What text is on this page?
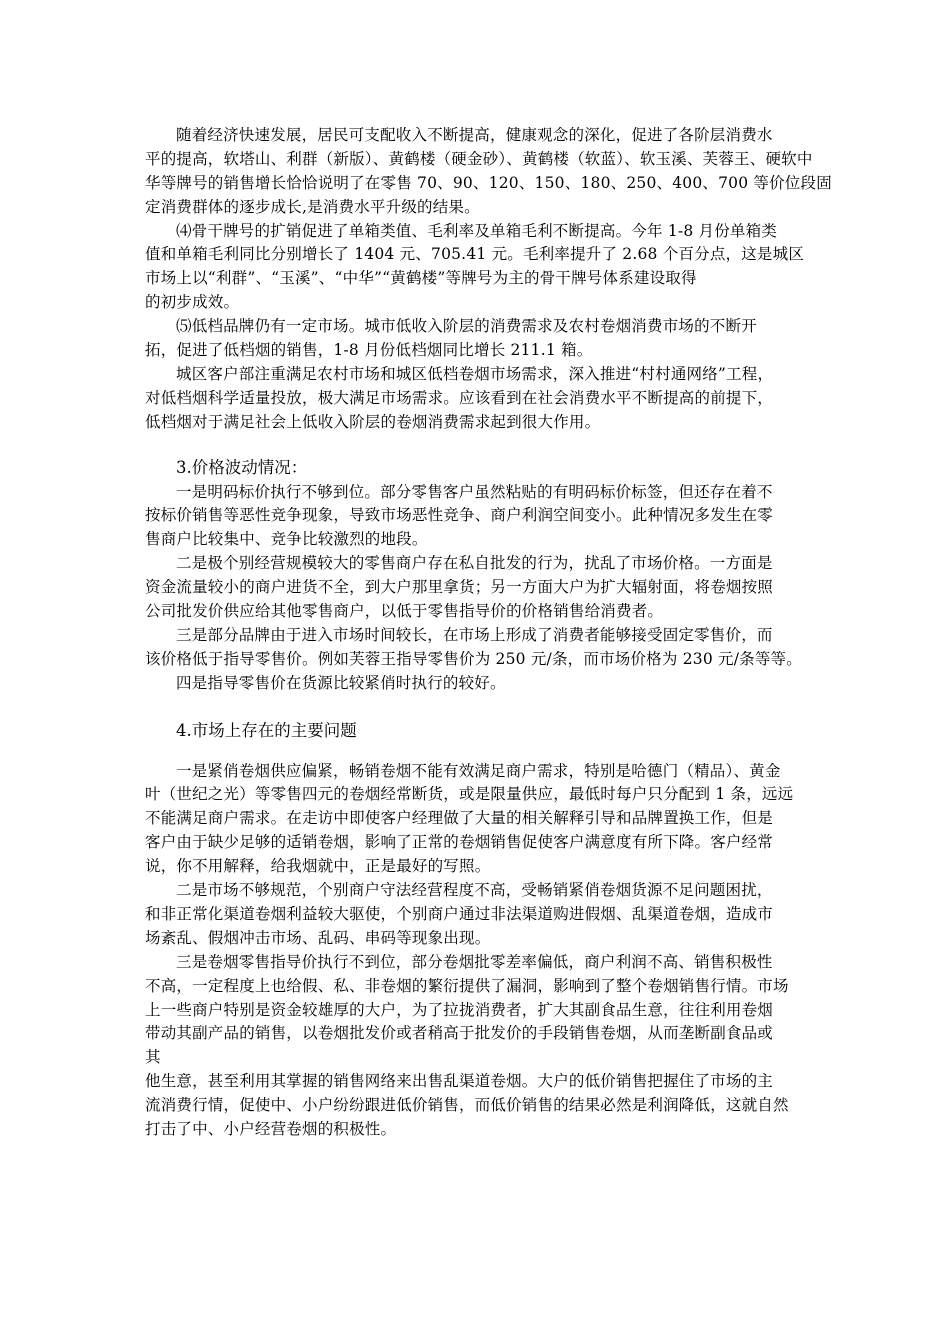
随着经济快速发展，居民可支配收入不断提高，健康观念的深化，促进了各阶层消费水
平的提高，软塔山、利群（新版）、黄鹤楼（硬金砂）、黄鹤楼（软蓝）、软玉溪、芙蓉王、硬软中
华等牌号的销售增长恰恰说明了在零售 70、90、120、150、180、250、400、700 等价位段固
定消费群体的逐步成长,是消费水平升级的结果。
⑷骨干牌号的扩销促进了单箱类值、毛利率及单箱毛利不断提高。今年 1-8 月份单箱类
值和单箱毛利同比分别增长了 1404 元、705.41 元。毛利率提升了 2.68 个百分点，这是城区
市场上以“利群”、“玉溪”、“中华”“黄鹤楼”等牌号为主的骨干牌号体系建设取得
的初步成效。
⑸低档品牌仍有一定市场。城市低收入阶层的消费需求及农村卷烟消费市场的不断开
拓，促进了低档烟的销售，1-8 月份低档烟同比增长 211.1 箱。
城区客户部注重满足农村市场和城区低档卷烟市场需求，深入推进“村村通网络”工程，
对低档烟科学适量投放，极大满足市场需求。应该看到在社会消费水平不断提高的前提下，
低档烟对于满足社会上低收入阶层的卷烟消费需求起到很大作用。
3.价格波动情况：
一是明码标价执行不够到位。部分零售客户虽然粘贴的有明码标价标签，但还存在着不
按标价销售等恶性竞争现象，导致市场恶性竞争、商户利润空间变小。此种情况多发生在零
售商户比较集中、竞争比较激烈的地段。
二是极个别经营规模较大的零售商户存在私自批发的行为，扰乱了市场价格。一方面是
资金流量较小的商户进货不全，到大户那里拿货；另一方面大户为扩大辐射面，将卷烟按照
公司批发价供应给其他零售商户，以低于零售指导价的价格销售给消费者。
三是部分品牌由于进入市场时间较长，在市场上形成了消费者能够接受固定零售价，而
该价格低于指导零售价。例如芙蓉王指导零售价为 250 元/条，而市场价格为 230 元/条等等。
四是指导零售价在货源比较紧俏时执行的较好。
4.市场上存在的主要问题
一是紧俏卷烟供应偏紧，畅销卷烟不能有效满足商户需求，特别是哈德门（精品）、黄金
叶（世纪之光）等零售四元的卷烟经常断货，或是限量供应，最低时每户只分配到 1 条，远远
不能满足商户需求。在走访中即使客户经理做了大量的相关解释引导和品牌置换工作，但是
客户由于缺少足够的适销卷烟，影响了正常的卷烟销售促使客户满意度有所下降。客户经常
说，你不用解释，给我烟就中，正是最好的写照。
二是市场不够规范，个别商户守法经营程度不高，受畅销紧俏卷烟货源不足问题困扰，
和非正常化渠道卷烟利益较大驱使，个别商户通过非法渠道购进假烟、乱渠道卷烟，造成市
场紊乱、假烟冲击市场、乱码、串码等现象出现。
三是卷烟零售指导价执行不到位，部分卷烟批零差率偏低，商户利润不高、销售积极性
不高，一定程度上也给假、私、非卷烟的繁衍提供了漏洞，影响到了整个卷烟销售行情。市场
上一些商户特别是资金较雄厚的大户，为了拉拢消费者，扩大其副食品生意，往往利用卷烟
带动其副产品的销售，以卷烟批发价或者稍高于批发价的手段销售卷烟，从而垄断副食品或
其
他生意，甚至利用其掌握的销售网络来出售乱渠道卷烟。大户的低价销售把握住了市场的主
流消费行情，促使中、小户纷纷跟进低价销售，而低价销售的结果必然是利润降低，这就自然
打击了中、小户经营卷烟的积极性。
